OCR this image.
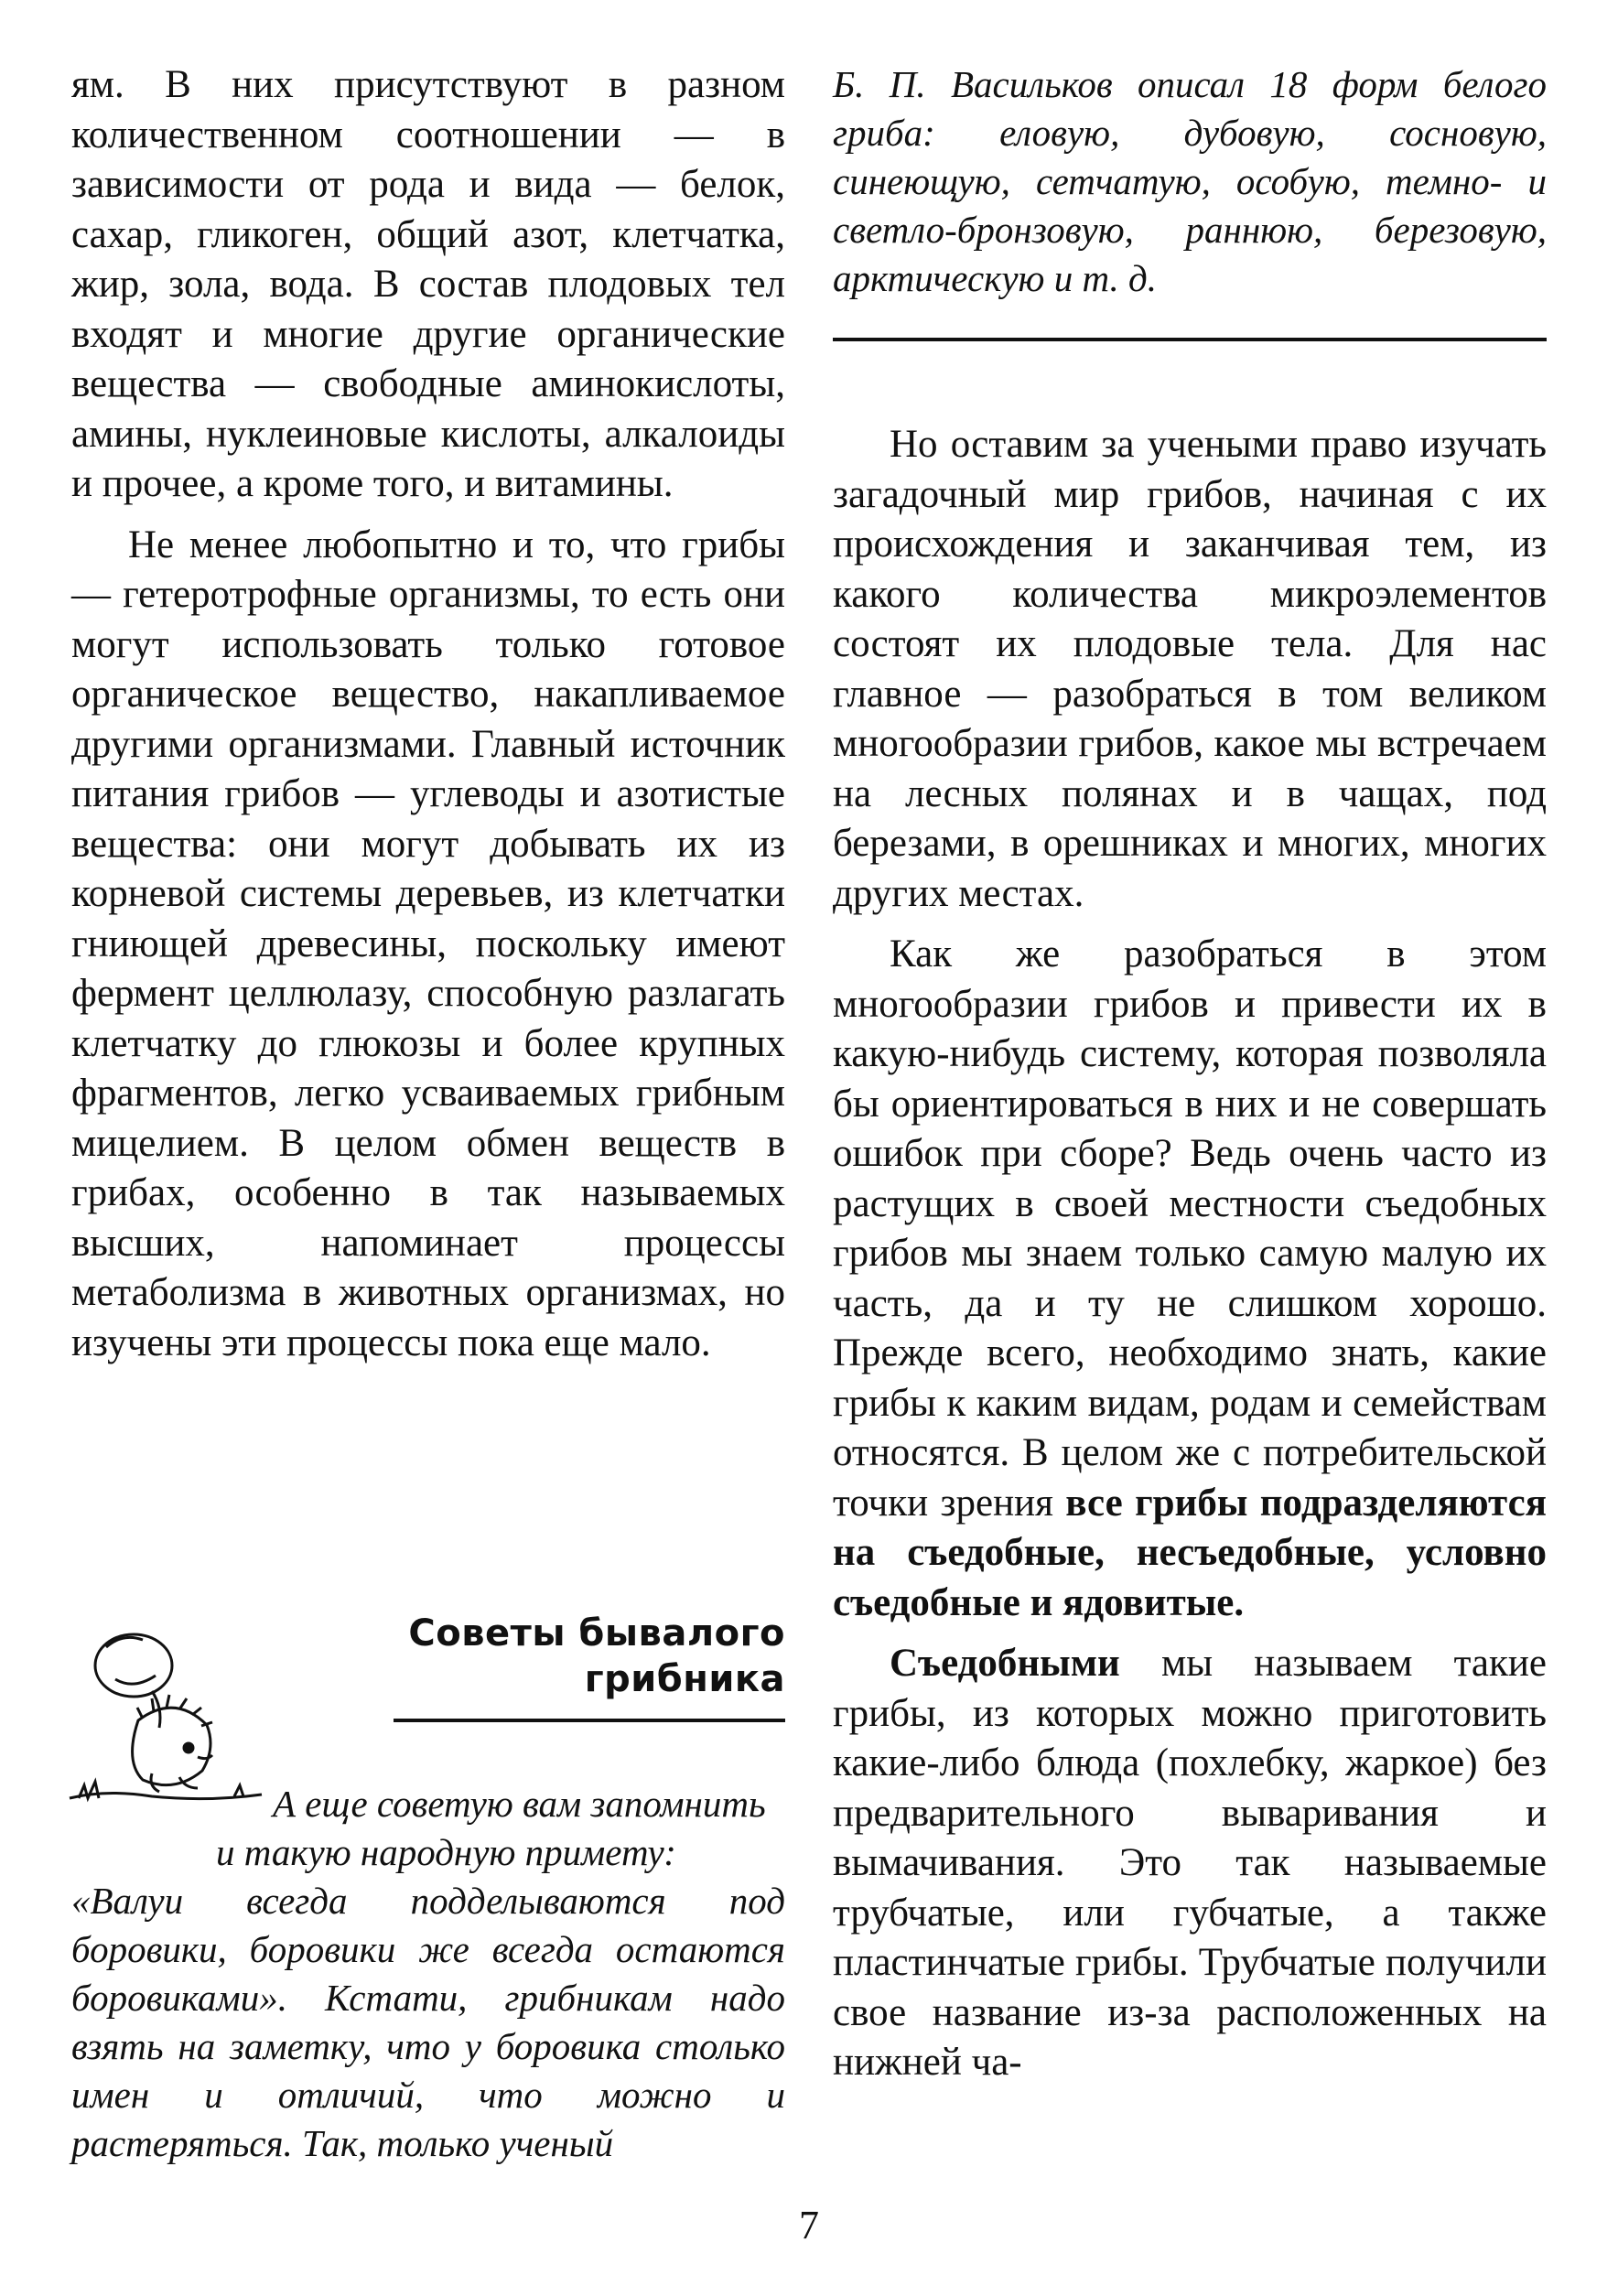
ям. В них присутствуют в разном количественном соотношении — в зависимости от рода и вида — белок, сахар, гликоген, общий азот, клетчатка, жир, зола, вода. В состав плодовых тел входят и многие другие органические вещества — свободные аминокислоты, амины, нуклеиновые кислоты, алкалоиды и прочее, а кроме того, и витамины.

Не менее любопытно и то, что грибы — гетеротрофные организмы, то есть они могут использовать только готовое органическое вещество, накапливаемое другими организмами. Главный источник питания грибов — углеводы и азотистые вещества: они могут добывать их из корневой системы деревьев, из клетчатки гниющей древесины, поскольку имеют фермент целлюлазу, способную разлагать клетчатку до глюкозы и более крупных фрагментов, легко усваиваемых грибным мицелием. В целом обмен веществ в грибах, особенно в так называемых высших, напоминает процессы метаболизма в животных организмах, но изучены эти процессы пока еще мало.

Советы бывалого
грибника

А еще советую вам запомнить

и такую народную примету:

«Валуи всегда подделываются под боровики, боровики же всегда остаются боровиками». Кстати, грибникам надо взять на заметку, что у боровика столько имен и отличий, что можно и растеряться. Так, только ученый

Б. П. Васильков описал 18 форм белого гриба: еловую, дубовую, сосновую, синеющую, сетчатую, особую, темно- и светло-бронзовую, раннюю, березовую, арктическую и т. д.

Но оставим за учеными право изучать загадочный мир грибов, начиная с их происхождения и заканчивая тем, из какого количества микроэлементов состоят их плодовые тела. Для нас главное — разобраться в том великом многообразии грибов, какое мы встречаем на лесных полянах и в чащах, под березами, в орешниках и многих, многих других местах.

Как же разобраться в этом многообразии грибов и привести их в какую-нибудь систему, которая позволяла бы ориентироваться в них и не совершать ошибок при сборе? Ведь очень часто из растущих в своей местности съедобных грибов мы знаем только самую малую их часть, да и ту не слишком хорошо. Прежде всего, необходимо знать, какие грибы к каким видам, родам и семействам относятся. В целом же с потребительской точки зрения все грибы подразделяются на съедобные, несъедобные, условно съедобные и ядовитые.

Съедобными мы называем такие грибы, из которых можно приготовить какие-либо блюда (похлебку, жаркое) без предварительного вываривания и вымачивания. Это так называемые трубчатые, или губчатые, а также пластинчатые грибы. Трубчатые получили свое название из-за расположенных на нижней ча-

7
